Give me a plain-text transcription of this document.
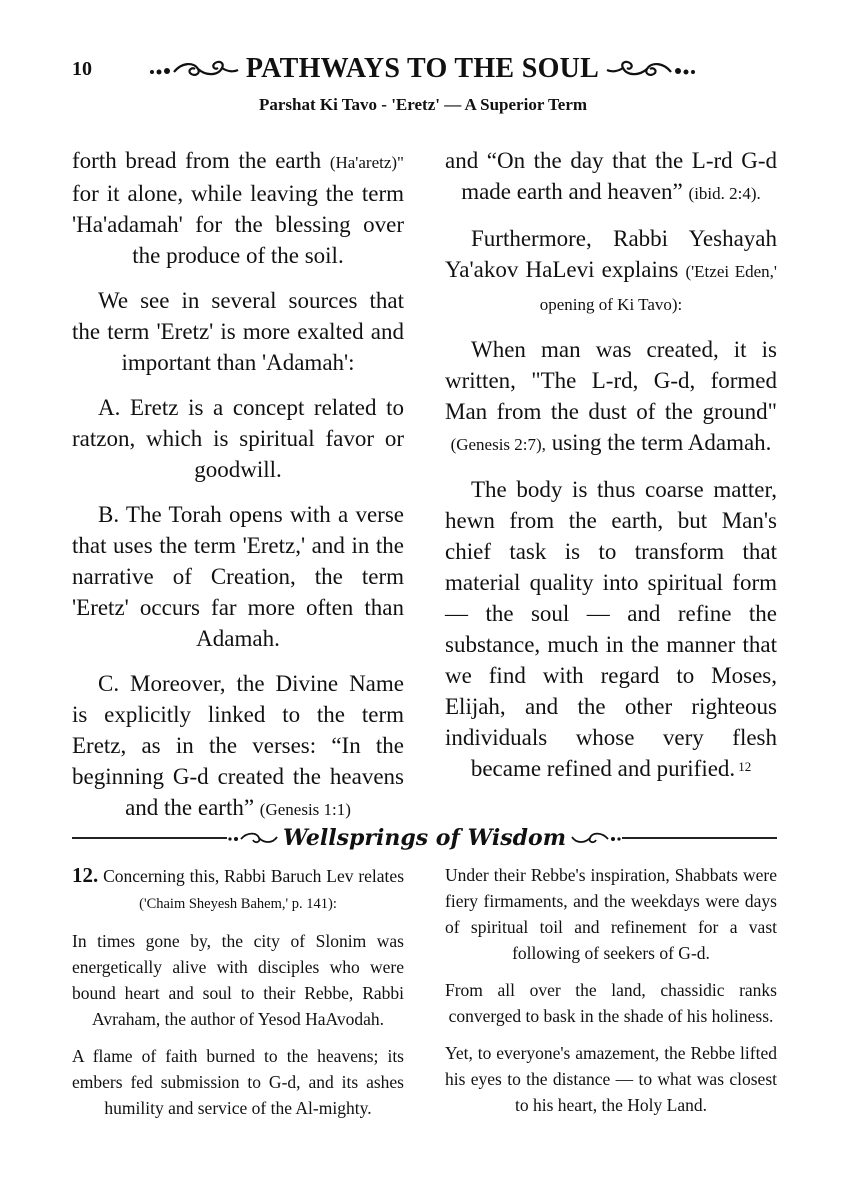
10	PATHWAYS TO THE SOUL
Parshat Ki Tavo - 'Eretz' — A Superior Term

forth bread from the earth (Ha'aretz)" for it alone, while leaving the term 'Ha'adamah' for the blessing over the produce of the soil.

We see in several sources that the term 'Eretz' is more exalted and important than 'Adamah':

A. Eretz is a concept related to ratzon, which is spiritual favor or goodwill.

B. The Torah opens with a verse that uses the term 'Eretz,' and in the narrative of Creation, the term 'Eretz' occurs far more often than Adamah.

C. Moreover, the Divine Name is explicitly linked to the term Eretz, as in the verses: “In the beginning G-d created the heavens and the earth” (Genesis 1:1)

and “On the day that the L-rd G-d made earth and heaven” (ibid. 2:4).

Furthermore, Rabbi Yeshayah Ya'akov HaLevi explains ('Etzei Eden,' opening of Ki Tavo):

When man was created, it is written, "The L-rd, G-d, formed Man from the dust of the ground" (Genesis 2:7), using the term Adamah.

The body is thus coarse matter, hewn from the earth, but Man's chief task is to transform that material quality into spiritual form — the soul — and refine the substance, much in the manner that we find with regard to Moses, Elijah, and the other righteous individuals whose very flesh became refined and purified. $^{12}$

Wellsprings of Wisdom

12. Concerning this, Rabbi Baruch Lev relates ('Chaim Sheyesh Bahem,' p. 141):

In times gone by, the city of Slonim was energetically alive with disciples who were bound heart and soul to their Rebbe, Rabbi Avraham, the author of Yesod HaAvodah.

A flame of faith burned to the heavens; its embers fed submission to G-d, and its ashes humility and service of the Al-mighty.

Under their Rebbe's inspiration, Shabbats were fiery firmaments, and the weekdays were days of spiritual toil and refinement for a vast following of seekers of G-d.

From all over the land, chassidic ranks converged to bask in the shade of his holiness.

Yet, to everyone's amazement, the Rebbe lifted his eyes to the distance — to what was closest to his heart, the Holy Land.
